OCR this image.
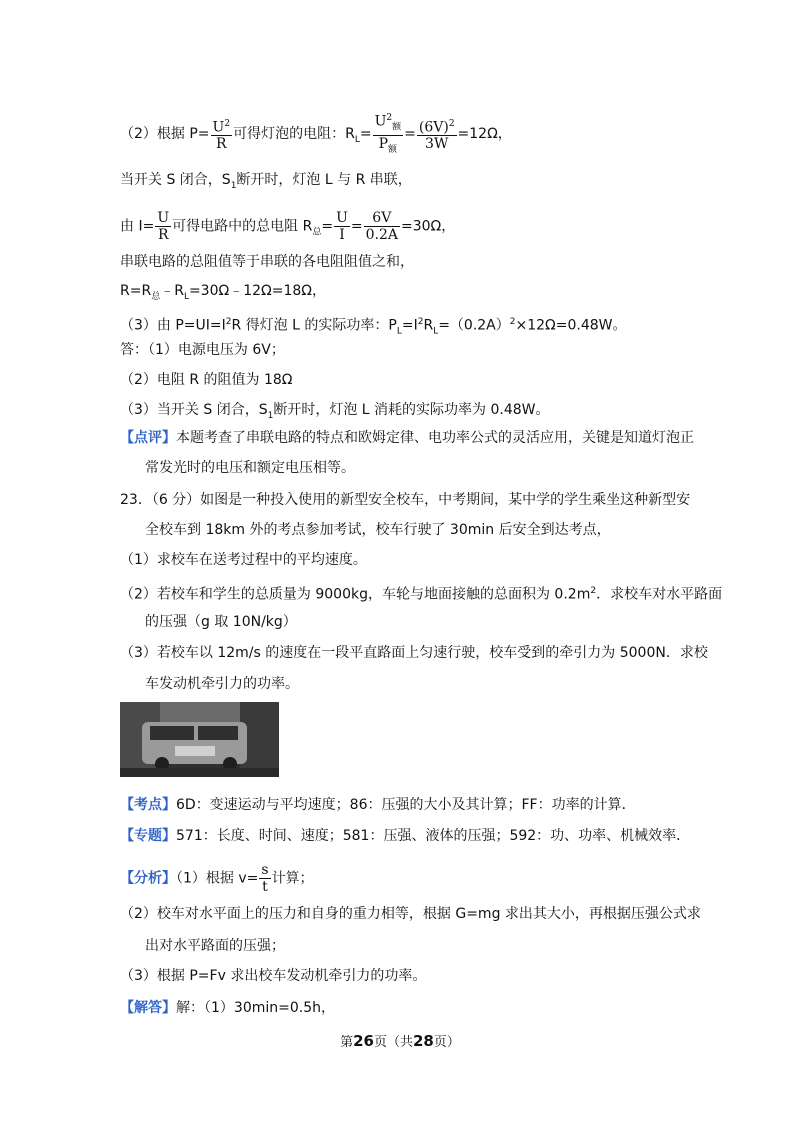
（2）根据 $P= \frac{U^2}{R}$ 可得灯泡的电阻：$R_L= \frac{U^2_额}{P_额} = \frac{(6V)^2}{3W} =12\Omega$，
当开关 S 闭合，$S_1$断开时，灯泡 L 与 R 串联，
由 $I= \frac{U}{R}$ 可得电路中的总电阻 $R_总= \frac{U}{I} = \frac{6V}{0.2A} =30\Omega$，
串联电路的总阻值等于串联的各电阻阻值之和，
$R=R_总﹣R_L=30\Omega﹣12\Omega=18\Omega$，
（3）由 $P=UI=I^2R$ 得灯泡 L 的实际功率：$P_L=I^2R_L=(0.2A)^2\times 12\Omega=0.48W$。
答：（1）电源电压为 6V；
（2）电阻 R 的阻值为 18Ω
（3）当开关 S 闭合，$S_1$断开时，灯泡 L 消耗的实际功率为 0.48W。
【点评】本题考查了串联电路的特点和欧姆定律、电功率公式的灵活应用，关键是知道灯泡正
常发光时的电压和额定电压相等。
23．（6 分）如图是一种投入使用的新型安全校车，中考期间，某中学的学生乘坐这种新型安
全校车到 18km 外的考点参加考试，校车行驶了 30min 后安全到达考点，
（1）求校车在送考过程中的平均速度。
（2）若校车和学生的总质量为 9000kg，车轮与地面接触的总面积为 $0.2m^2$．求校车对水平路面
的压强（g 取 10N/kg）
（3）若校车以 12m/s 的速度在一段平直路面上匀速行驶，校车受到的牵引力为 5000N．求校
车发动机牵引力的功率。
【考点】6D：变速运动与平均速度；86：压强的大小及其计算；FF：功率的计算．
【专题】571：长度、时间、速度；581：压强、液体的压强；592：功、功率、机械效率．
【分析】（1）根据 $v= \frac{s}{t}$ 计算；
（2）校车对水平面上的压力和自身的重力相等，根据 G=mg 求出其大小，再根据压强公式求
出对水平路面的压强；
（3）根据 P=Fv 求出校车发动机牵引力的功率。
【解答】解：（1）30min=0.5h，
第26页（共28页）
